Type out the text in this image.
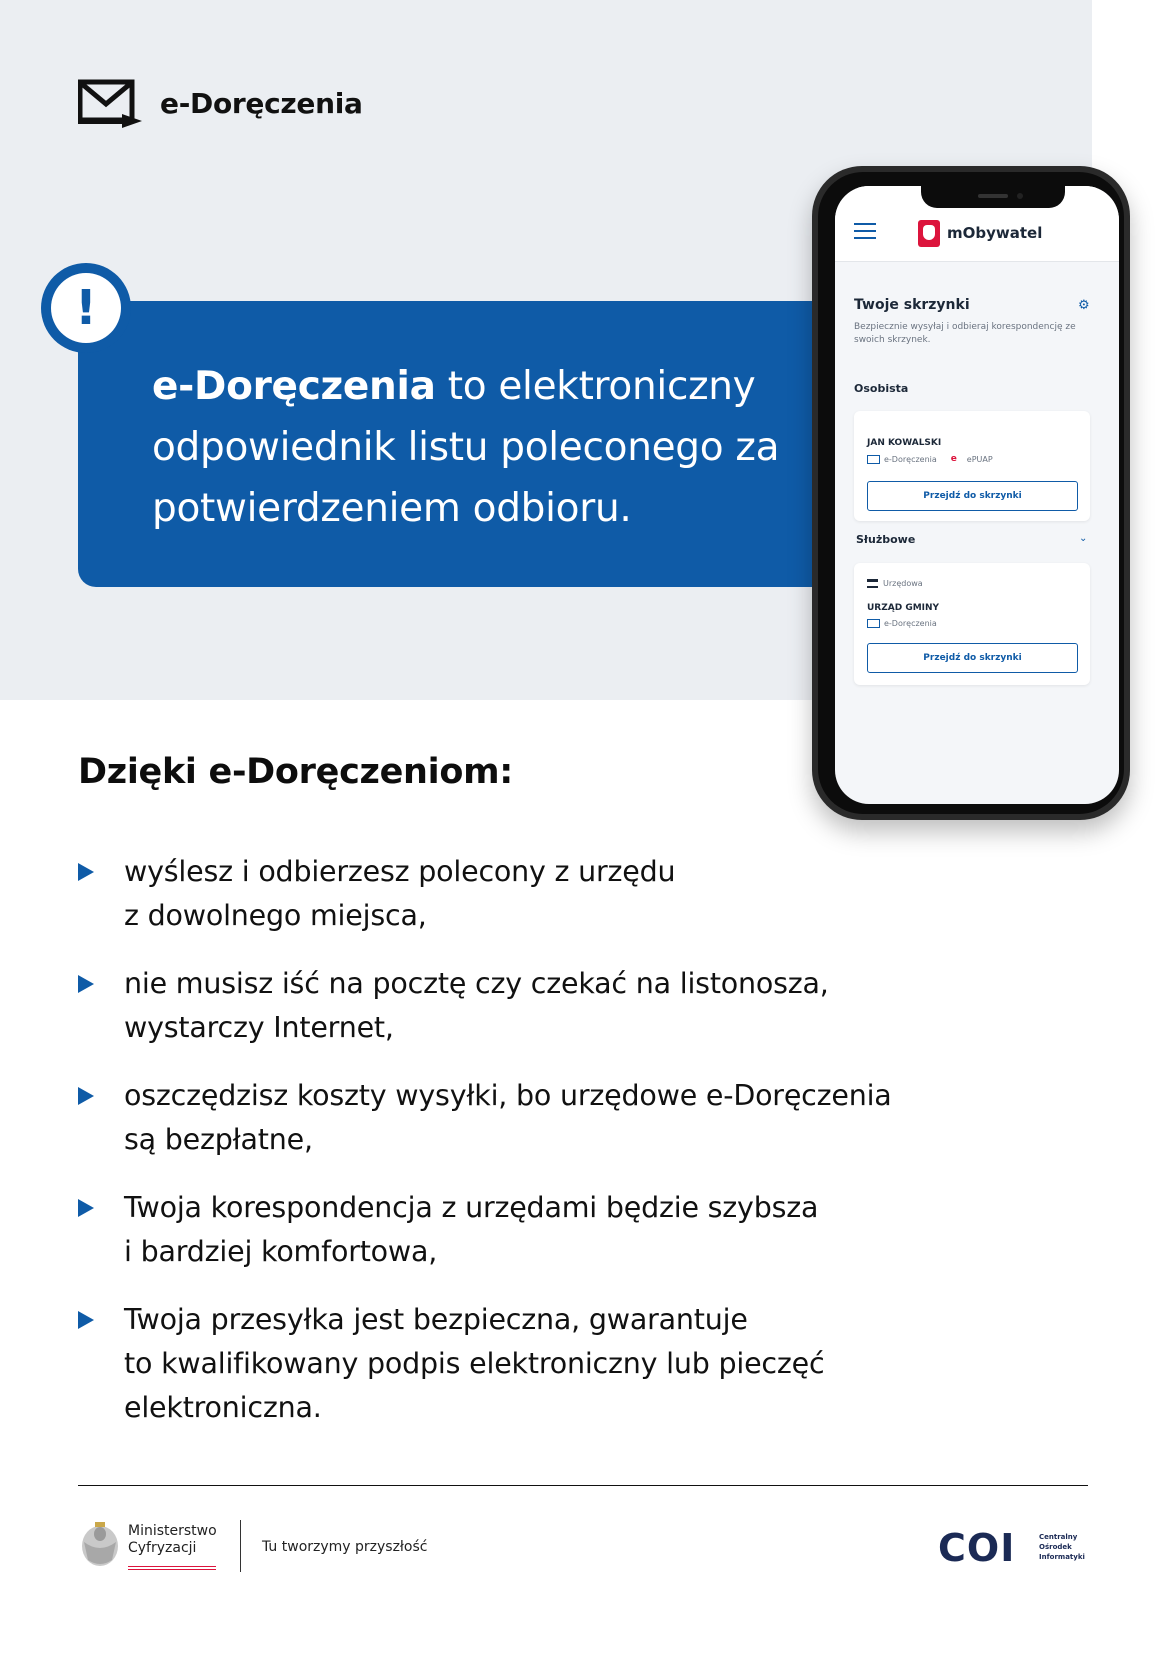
e-Doręczenia
e-Doręczenia to elektroniczny odpowiednik listu poleconego za potwierdzeniem odbioru.
!
mObywatel
Twoje skrzynki	⚙
Bezpiecznie wysyłaj i odbieraj korespondencję ze swoich skrzynek.
Osobista
JAN KOWALSKI
e-Doręczenia e	ePUAP
Przejdź do skrzynki
Służbowe	⌄
Urzędowa
URZĄD GMINY
e-Doręczenia
Przejdź do skrzynki
Dzięki e-Doręczeniom:
wyślesz i odbierzesz polecony z urzędu
z dowolnego miejsca,
nie musisz iść na pocztę czy czekać na listonosza,
wystarczy Internet,
oszczędzisz koszty wysyłki, bo urzędowe e-Doręczenia
są bezpłatne,
Twoja korespondencja z urzędami będzie szybsza
i bardziej komfortowa,
Twoja przesyłka jest bezpieczna, gwarantuje
to kwalifikowany podpis elektroniczny lub pieczęć
elektroniczna.
Ministerstwo
Cyfryzacji	Tu tworzymy przyszłość	COI	Centralny
Ośrodek
Informatyki
